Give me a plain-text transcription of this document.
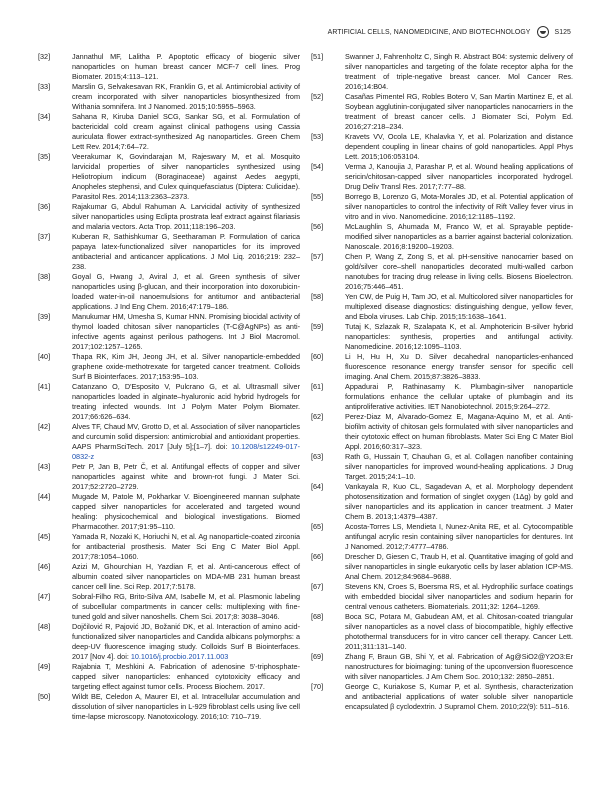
ARTIFICIAL CELLS, NANOMEDICINE, AND BIOTECHNOLOGY	S125
[32]	Jannathul MF, Lalitha P. Apoptotic efficacy of biogenic silver nanoparticles on human breast cancer MCF-7 cell lines. Prog Biomater. 2015;4:113–121.
[33]	Marslin G, Selvakesavan RK, Franklin G, et al. Antimicrobial activity of cream incorporated with silver nanoparticles biosynthesized from Withania somnifera. Int J Nanomed. 2015;10:5955–5963.
[34]	Sahana R, Kiruba Daniel SCG, Sankar SG, et al. Formulation of bactericidal cold cream against clinical pathogens using Cassia auriculata flower extract-synthesized Ag nanoparticles. Green Chem Lett Rev. 2014;7:64–72.
[35]	Veerakumar K, Govindarajan M, Rajeswary M, et al. Mosquito larvicidal properties of silver nanoparticles synthesized using Heliotropium indicum (Boraginaceae) against Aedes aegypti, Anopheles stephensi, and Culex quinquefasciatus (Diptera: Culicidae). Parasitol Res. 2014;113:2363–2373.
[36]	Rajakumar G, Abdul Rahuman A. Larvicidal activity of synthesized silver nanoparticles using Eclipta prostrata leaf extract against filariasis and malaria vectors. Acta Trop. 2011;118:196–203.
[37]	Kuberan R, Sathishkumar G, Seetharaman P. Formulation of carica papaya latex-functionalized silver nanoparticles for its improved antibacterial and anticancer applications. J Mol Liq. 2016;219: 232–238.
[38]	Goyal G, Hwang J, Aviral J, et al. Green synthesis of silver nanoparticles using β-glucan, and their incorporation into doxorubicin-loaded water-in-oil nanoemulsions for antitumor and antibacterial applications. J Ind Eng Chem. 2016;47:179–186.
[39]	Manukumar HM, Umesha S, Kumar HNN. Promising biocidal activity of thymol loaded chitosan silver nanoparticles (T-C@AgNPs) as anti-infective agents against perilous pathogens. Int J Biol Macromol. 2017;102:1257–1265.
[40]	Thapa RK, Kim JH, Jeong JH, et al. Silver nanoparticle-embedded graphene oxide-methotrexate for targeted cancer treatment. Colloids Surf B Biointerfaces. 2017;153:95–103.
[41]	Catanzano O, D'Esposito V, Pulcrano G, et al. Ultrasmall silver nanoparticles loaded in alginate–hyaluronic acid hybrid hydrogels for treating infected wounds. Int J Polym Mater Polym Biomater. 2017;66:626–634.
[42]	Alves TF, Chaud MV, Grotto D, et al. Association of silver nanoparticles and curcumin solid dispersion: antimicrobial and antioxidant properties. AAPS PharmSciTech. 2017 [July 5];[1–7]. doi: 10.1208/s12249-017-0832-z
[43]	Petr P, Jan B, Petr Č, et al. Antifungal effects of copper and silver nanoparticles against white and brown-rot fungi. J Mater Sci. 2017;52:2720–2729.
[44]	Mugade M, Patole M, Pokharkar V. Bioengineered mannan sulphate capped silver nanoparticles for accelerated and targeted wound healing: physicochemical and biological investigations. Biomed Pharmacother. 2017;91:95–110.
[45]	Yamada R, Nozaki K, Horiuchi N, et al. Ag nanoparticle-coated zirconia for antibacterial prosthesis. Mater Sci Eng C Mater Biol Appl. 2017;78:1054–1060.
[46]	Azizi M, Ghourchian H, Yazdian F, et al. Anti-cancerous effect of albumin coated silver nanoparticles on MDA-MB 231 human breast cancer cell line. Sci Rep. 2017;7:5178.
[47]	Sobral-Filho RG, Brito-Silva AM, Isabelle M, et al. Plasmonic labeling of subcellular compartments in cancer cells: multiplexing with fine-tuned gold and silver nanoshells. Chem Sci. 2017;8: 3038–3046.
[48]	Dojčilović R, Pajović JD, Božanić DK, et al. Interaction of amino acid-functionalized silver nanoparticles and Candida albicans polymorphs: a deep-UV fluorescence imaging study. Colloids Surf B Biointerfaces. 2017 [Nov 4]. doi: 10.1016/j.procbio.2017.11.003
[49]	Rajabnia T, Meshkini A. Fabrication of adenosine 5'-triphosphate-capped silver nanoparticles: enhanced cytotoxicity efficacy and targeting effect against tumor cells. Process Biochem. 2017.
[50]	Wildt BE, Celedon A, Maurer EI, et al. Intracellular accumulation and dissolution of silver nanoparticles in L-929 fibroblast cells using live cell time-lapse microscopy. Nanotoxicology. 2016;10: 710–719.
[51]	Swanner J, Fahrenholtz C, Singh R. Abstract B04: systemic delivery of silver nanoparticles and targeting of the folate receptor alpha for the treatment of triple-negative breast cancer. Mol Cancer Res. 2016;14:B04.
[52]	Casañas Pimentel RG, Robles Botero V, San Martin Martinez E, et al. Soybean agglutinin-conjugated silver nanoparticles nanocarriers in the treatment of breast cancer cells. J Biomater Sci, Polym Ed. 2016;27:218–234.
[53]	Kravets VV, Ocola LE, Khalavka Y, et al. Polarization and distance dependent coupling in linear chains of gold nanoparticles. Appl Phys Lett. 2015;106:053104.
[54]	Verma J, Kanoujia J, Parashar P, et al. Wound healing applications of sericin/chitosan-capped silver nanoparticles incorporated hydrogel. Drug Deliv Transl Res. 2017;7:77–88.
[55]	Borrego B, Lorenzo G, Mota-Morales JD, et al. Potential application of silver nanoparticles to control the infectivity of Rift Valley fever virus in vitro and in vivo. Nanomedicine. 2016;12:1185–1192.
[56]	McLaughlin S, Ahumada M, Franco W, et al. Sprayable peptide-modified silver nanoparticles as a barrier against bacterial colonization. Nanoscale. 2016;8:19200–19203.
[57]	Chen P, Wang Z, Zong S, et al. pH-sensitive nanocarrier based on gold/silver core–shell nanoparticles decorated multi-walled carbon nanotubes for tracing drug release in living cells. Biosens Bioelectron. 2016;75:446–451.
[58]	Yen CW, de Puig H, Tam JO, et al. Multicolored silver nanoparticles for multiplexed disease diagnostics: distinguishing dengue, yellow fever, and Ebola viruses. Lab Chip. 2015;15:1638–1641.
[59]	Tutaj K, Szlazak R, Szalapata K, et al. Amphotericin B-silver hybrid nanoparticles: synthesis, properties and antifungal activity. Nanomedicine. 2016;12:1095–1103.
[60]	Li H, Hu H, Xu D. Silver decahedral nanoparticles-enhanced fluorescence resonance energy transfer sensor for specific cell imaging. Anal Chem. 2015;87:3826–3833.
[61]	Appadurai P, Rathinasamy K. Plumbagin-silver nanoparticle formulations enhance the cellular uptake of plumbagin and its antiproliferative activities. IET Nanobiotechnol. 2015;9:264–272.
[62]	Perez-Diaz M, Alvarado-Gomez E, Magana-Aquino M, et al. Anti-biofilm activity of chitosan gels formulated with silver nanoparticles and their cytotoxic effect on human fibroblasts. Mater Sci Eng C Mater Biol Appl. 2016;60:317–323.
[63]	Rath G, Hussain T, Chauhan G, et al. Collagen nanofiber containing silver nanoparticles for improved wound-healing applications. J Drug Target. 2015;24:1–10.
[64]	Vankayala R, Kuo CL, Sagadevan A, et al. Morphology dependent photosensitization and formation of singlet oxygen (1Δg) by gold and silver nanoparticles and its application in cancer treatment. J Mater Chem B. 2013;1:4379–4387.
[65]	Acosta-Torres LS, Mendieta I, Nunez-Anita RE, et al. Cytocompatible antifungal acrylic resin containing silver nanoparticles for dentures. Int J Nanomed. 2012;7:4777–4786.
[66]	Drescher D, Giesen C, Traub H, et al. Quantitative imaging of gold and silver nanoparticles in single eukaryotic cells by laser ablation ICP-MS. Anal Chem. 2012;84:9684–9688.
[67]	Stevens KN, Croes S, Boersma RS, et al. Hydrophilic surface coatings with embedded biocidal silver nanoparticles and sodium heparin for central venous catheters. Biomaterials. 2011;32: 1264–1269.
[68]	Boca SC, Potara M, Gabudean AM, et al. Chitosan-coated triangular silver nanoparticles as a novel class of biocompatible, highly effective photothermal transducers for in vitro cancer cell therapy. Cancer Lett. 2011;311:131–140.
[69]	Zhang F, Braun GB, Shi Y, et al. Fabrication of Ag@SiO2@Y2O3:Er nanostructures for bioimaging: tuning of the upconversion fluorescence with silver nanoparticles. J Am Chem Soc. 2010;132: 2850–2851.
[70]	George C, Kuriakose S, Kumar P, et al. Synthesis, characterization and antibacterial applications of water soluble silver nanoparticle encapsulated β cyclodextrin. J Supramol Chem. 2010;22(9): 511–516.
